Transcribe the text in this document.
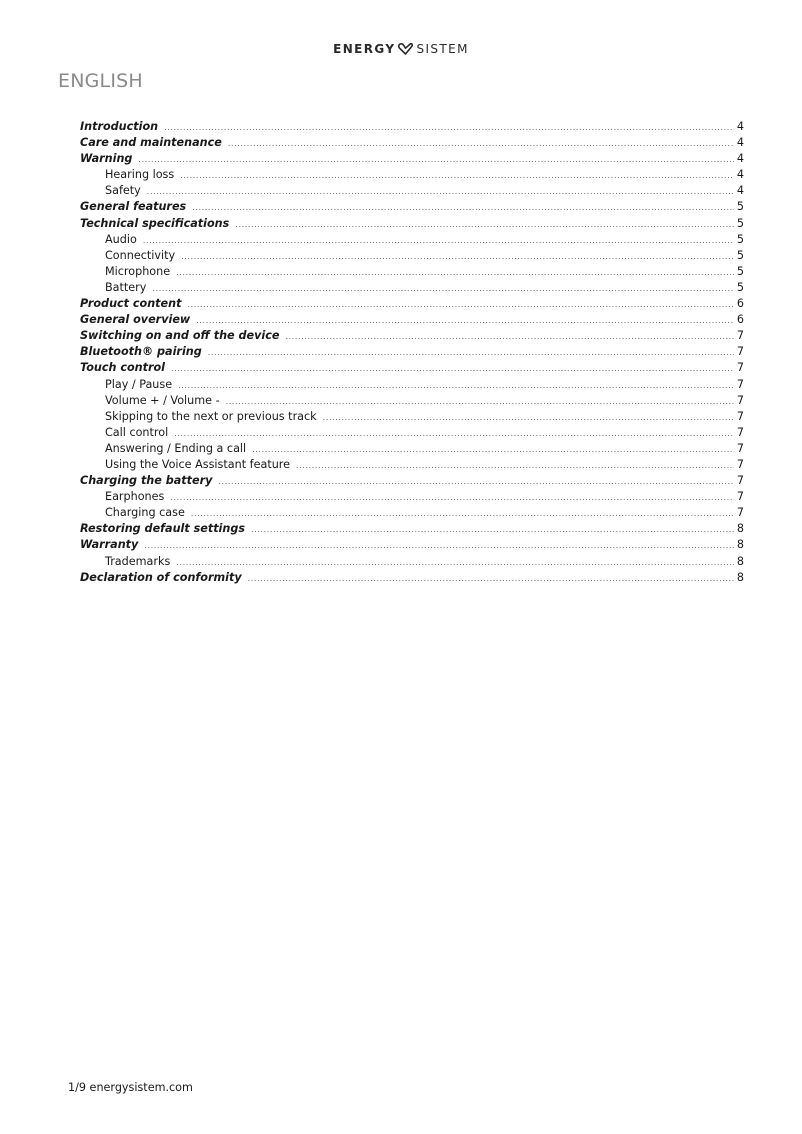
ENERGY SISTEM
ENGLISH
Introduction .....	4
Care and maintenance .....	4
Warning .....	4
Hearing loss .....	4
Safety .....	4
General features .....	5
Technical specifications .....	5
Audio .....	5
Connectivity .....	5
Microphone .....	5
Battery .....	5
Product content .....	6
General overview .....	6
Switching on and off the device .....	7
Bluetooth® pairing .....	7
Touch control .....	7
Play / Pause .....	7
Volume + / Volume - .....	7
Skipping to the next or previous track .....	7
Call control .....	7
Answering / Ending a call .....	7
Using the Voice Assistant feature .....	7
Charging the battery .....	7
Earphones .....	7
Charging case .....	7
Restoring default settings .....	8
Warranty .....	8
Trademarks .....	8
Declaration of conformity .....	8
1/9 energysistem.com
